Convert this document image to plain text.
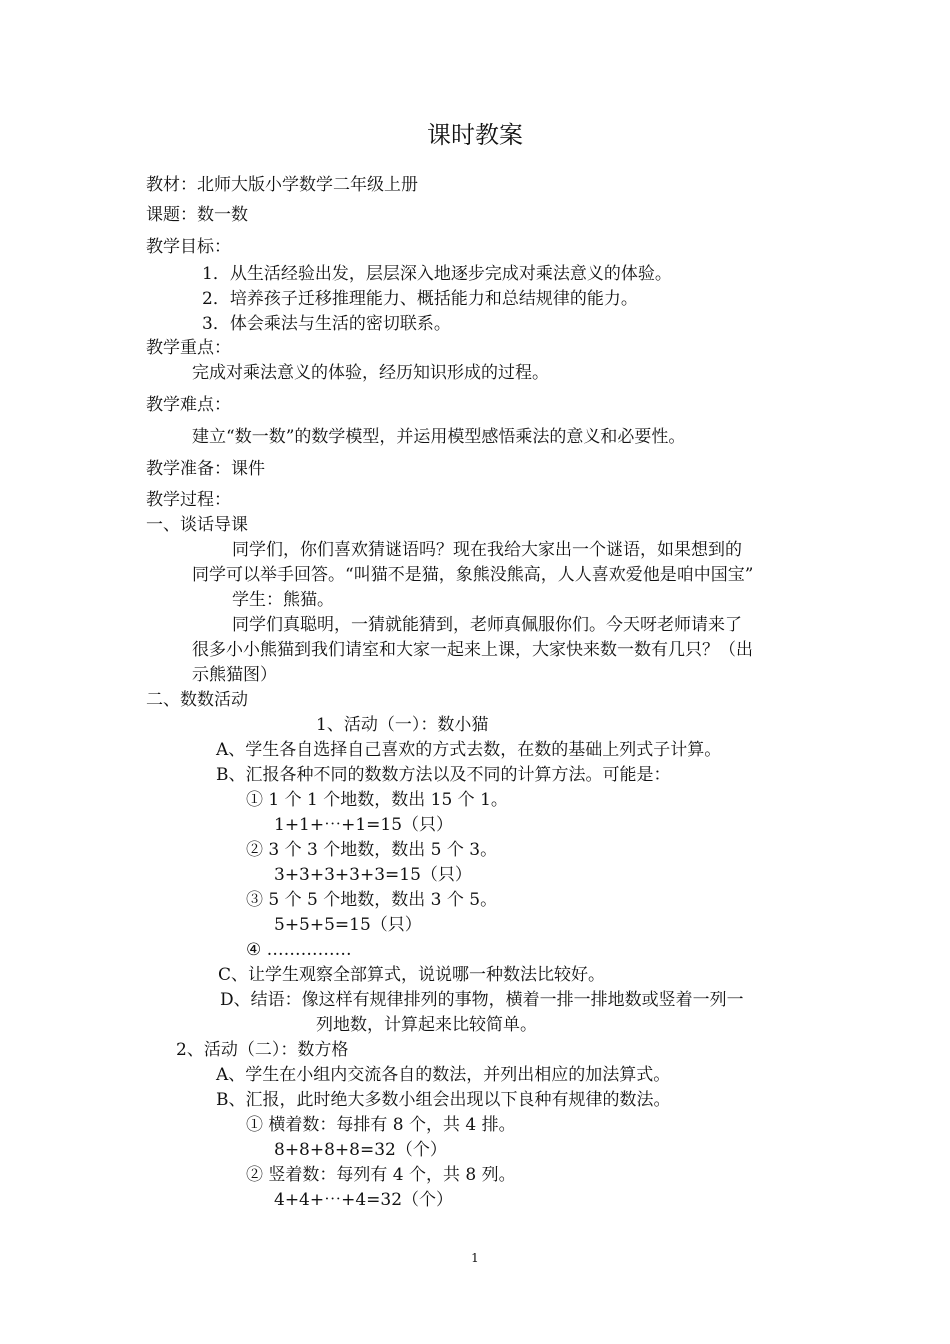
课时教案
教材：北师大版小学数学二年级上册
课题：数一数
教学目标：
1．从生活经验出发，层层深入地逐步完成对乘法意义的体验。
2．培养孩子迁移推理能力、概括能力和总结规律的能力。
3．体会乘法与生活的密切联系。
教学重点：
完成对乘法意义的体验，经历知识形成的过程。
教学难点：
建立“数一数”的数学模型，并运用模型感悟乘法的意义和必要性。
教学准备：课件
教学过程：
一、谈话导课
同学们，你们喜欢猜谜语吗？现在我给大家出一个谜语，如果想到的
同学可以举手回答。“叫猫不是猫，象熊没熊高，人人喜欢爱他是咱中国宝”
学生：熊猫。
同学们真聪明，一猜就能猜到，老师真佩服你们。今天呀老师请来了
很多小小熊猫到我们请室和大家一起来上课，大家快来数一数有几只？（出
示熊猫图）
二、数数活动
1、活动（一）：数小猫
A、学生各自选择自己喜欢的方式去数，在数的基础上列式子计算。
B、汇报各种不同的数数方法以及不同的计算方法。可能是：
① 1 个 1 个地数，数出 15 个 1。
1+1+⋯+1=15（只）
② 3 个 3 个地数，数出 5 个 3。
3+3+3+3+3=15（只）
③ 5 个 5 个地数，数出 3 个 5。
5+5+5=15（只）
④ ……………
C、让学生观察全部算式，说说哪一种数法比较好。
D、结语：像这样有规律排列的事物，横着一排一排地数或竖着一列一
列地数，计算起来比较简单。
2、活动（二）：数方格
A、学生在小组内交流各自的数法，并列出相应的加法算式。
B、汇报，此时绝大多数小组会出现以下良种有规律的数法。
① 横着数：每排有 8 个，共 4 排。
8+8+8+8=32（个）
② 竖着数：每列有 4 个，共 8 列。
4+4+⋯+4=32（个）
1
